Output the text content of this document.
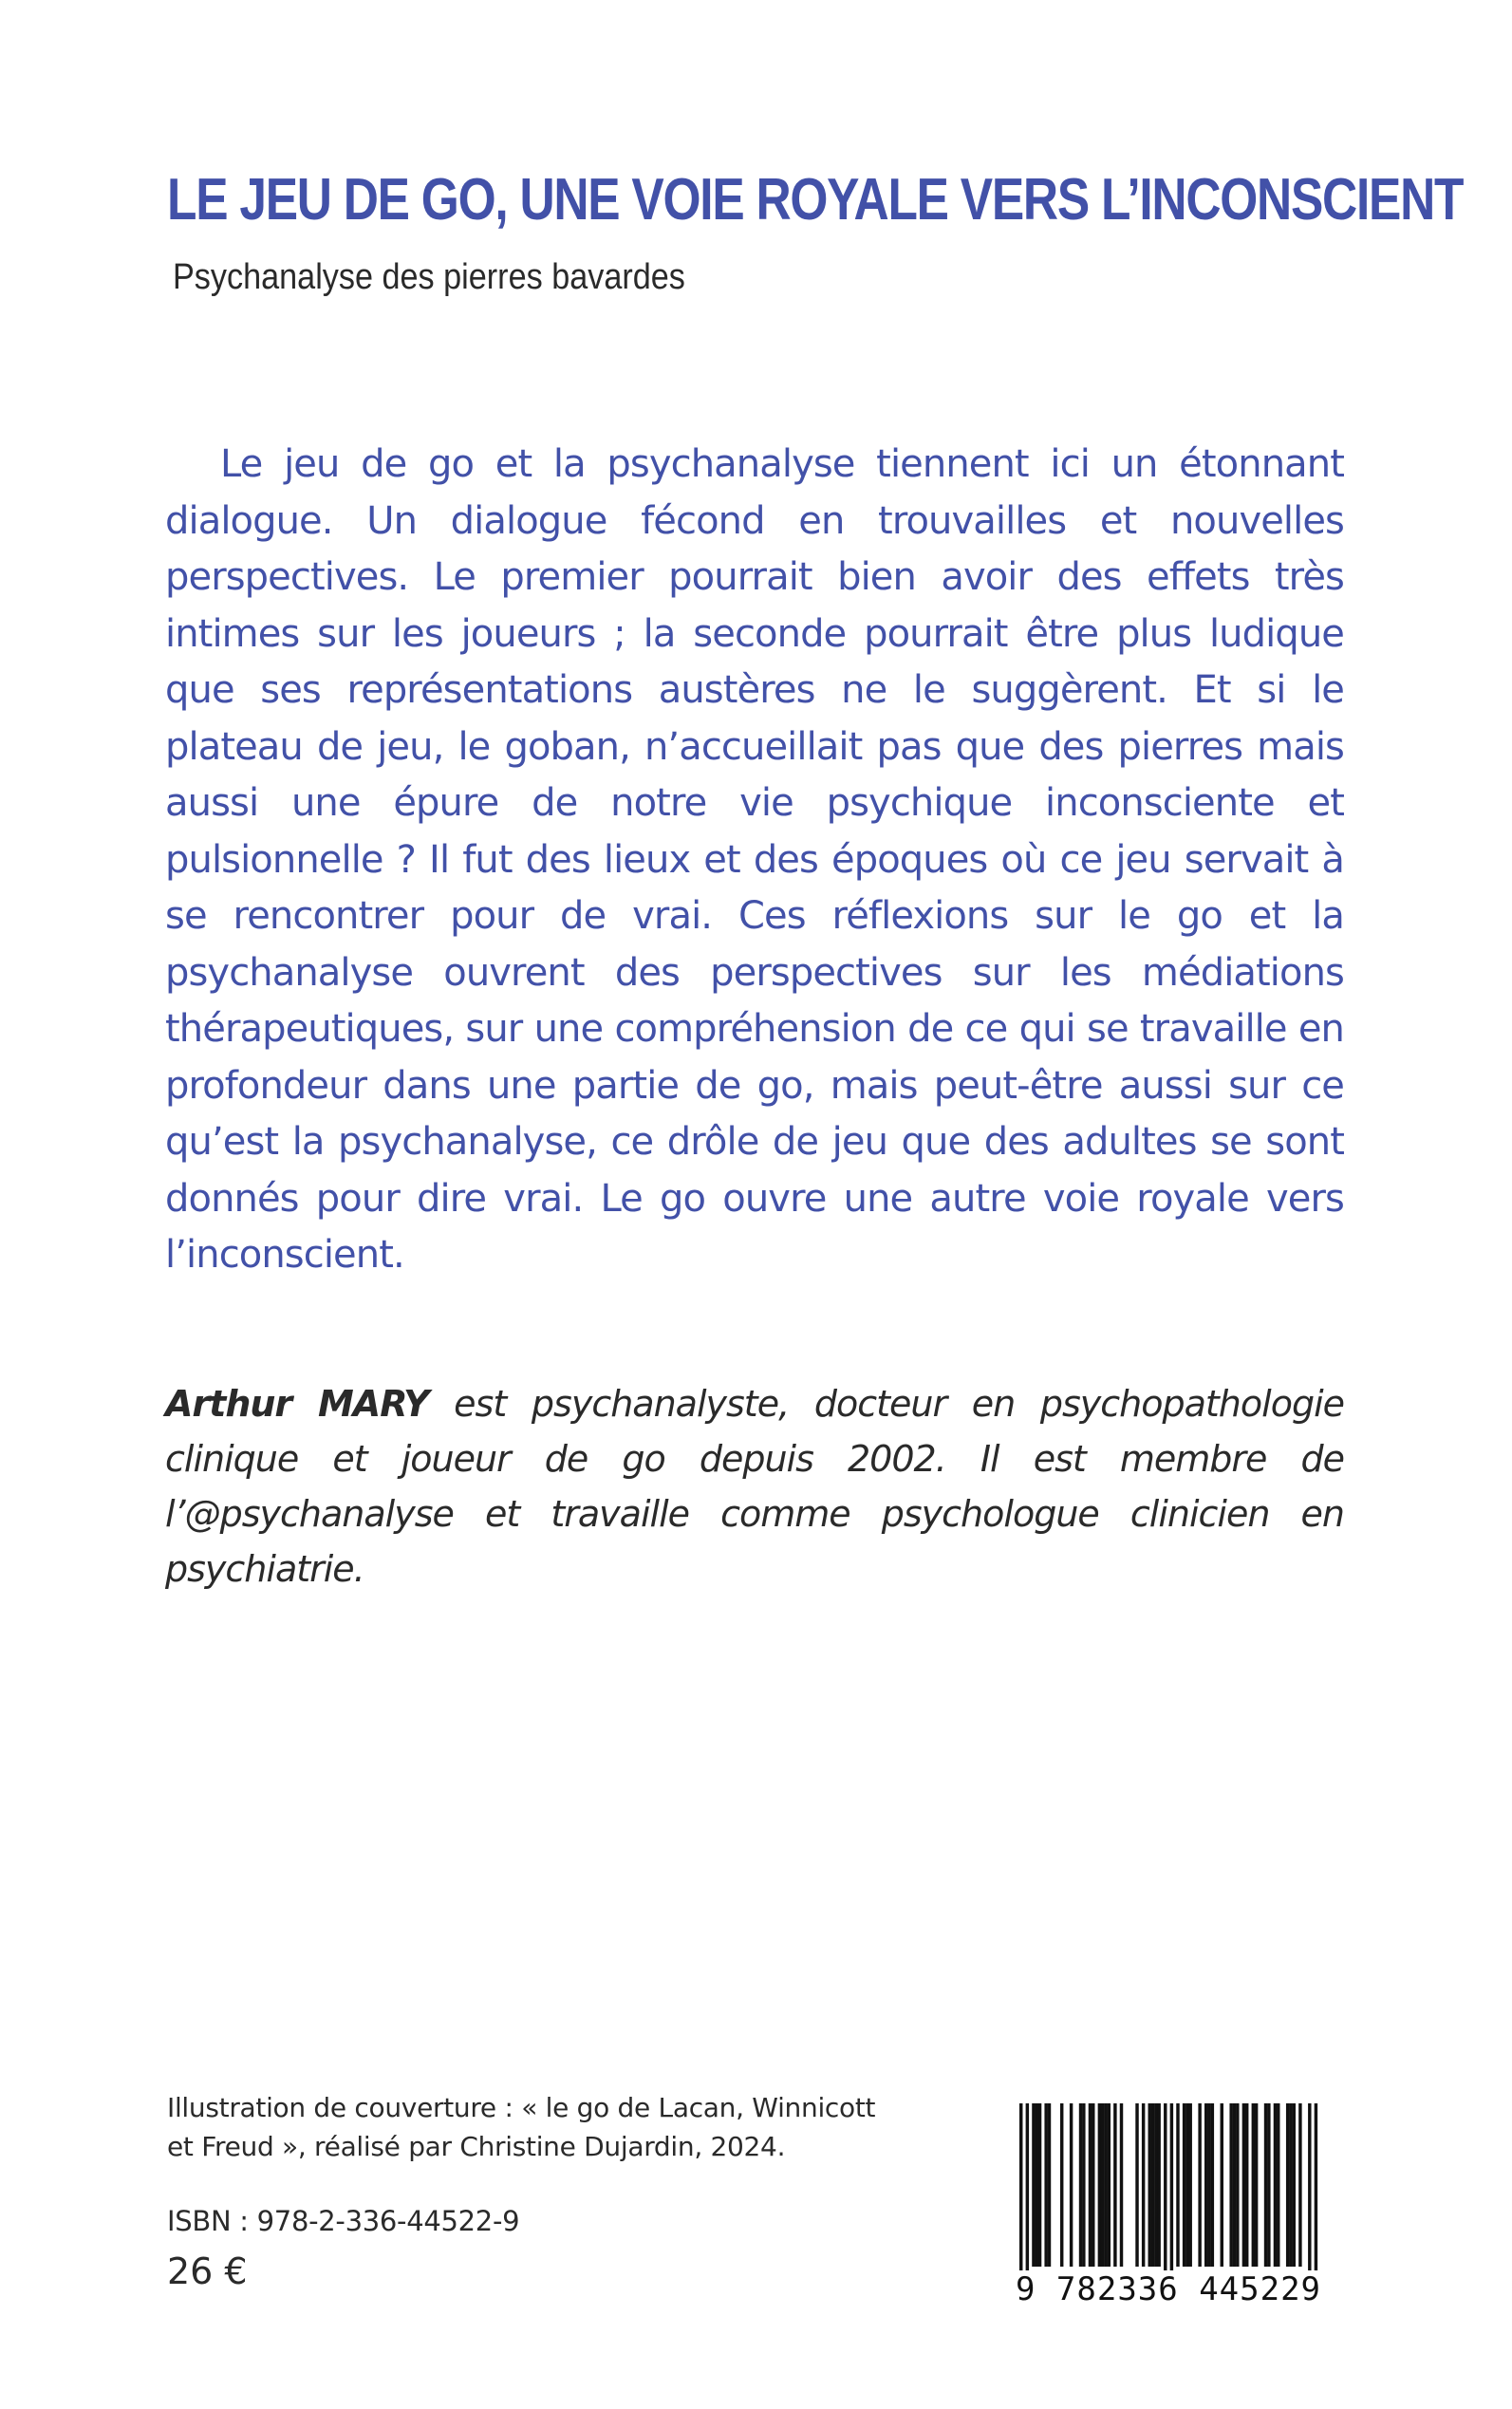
LE JEU DE GO, UNE VOIE ROYALE VERS L’INCONSCIENT

Psychanalyse des pierres bavardes

Le jeu de go et la psychanalyse tiennent ici un étonnant dialogue. Un dialogue fécond en trouvailles et nouvelles perspectives. Le premier pourrait bien avoir des effets très intimes sur les joueurs ; la seconde pourrait être plus ludique que ses représentations austères ne le suggèrent. Et si le plateau de jeu, le goban, n’accueillait pas que des pierres mais aussi une épure de notre vie psychique inconsciente et pulsionnelle ? Il fut des lieux et des époques où ce jeu servait à se rencontrer pour de vrai. Ces réflexions sur le go et la psychanalyse ouvrent des perspectives sur les médiations thérapeutiques, sur une compréhension de ce qui se travaille en profondeur dans une partie de go, mais peut-être aussi sur ce qu’est la psychanalyse, ce drôle de jeu que des adultes se sont donnés pour dire vrai. Le go ouvre une autre voie royale vers l’inconscient.

Arthur MARY est psychanalyste, docteur en psychopathologie clinique et joueur de go depuis 2002. Il est membre de l’@psychanalyse et travaille comme psychologue clinicien en psychiatrie.

Illustration de couverture : « le go de Lacan, Winnicott et Freud », réalisé par Christine Dujardin, 2024.

ISBN : 978-2-336-44522-9

26 €	9 782336 445229
